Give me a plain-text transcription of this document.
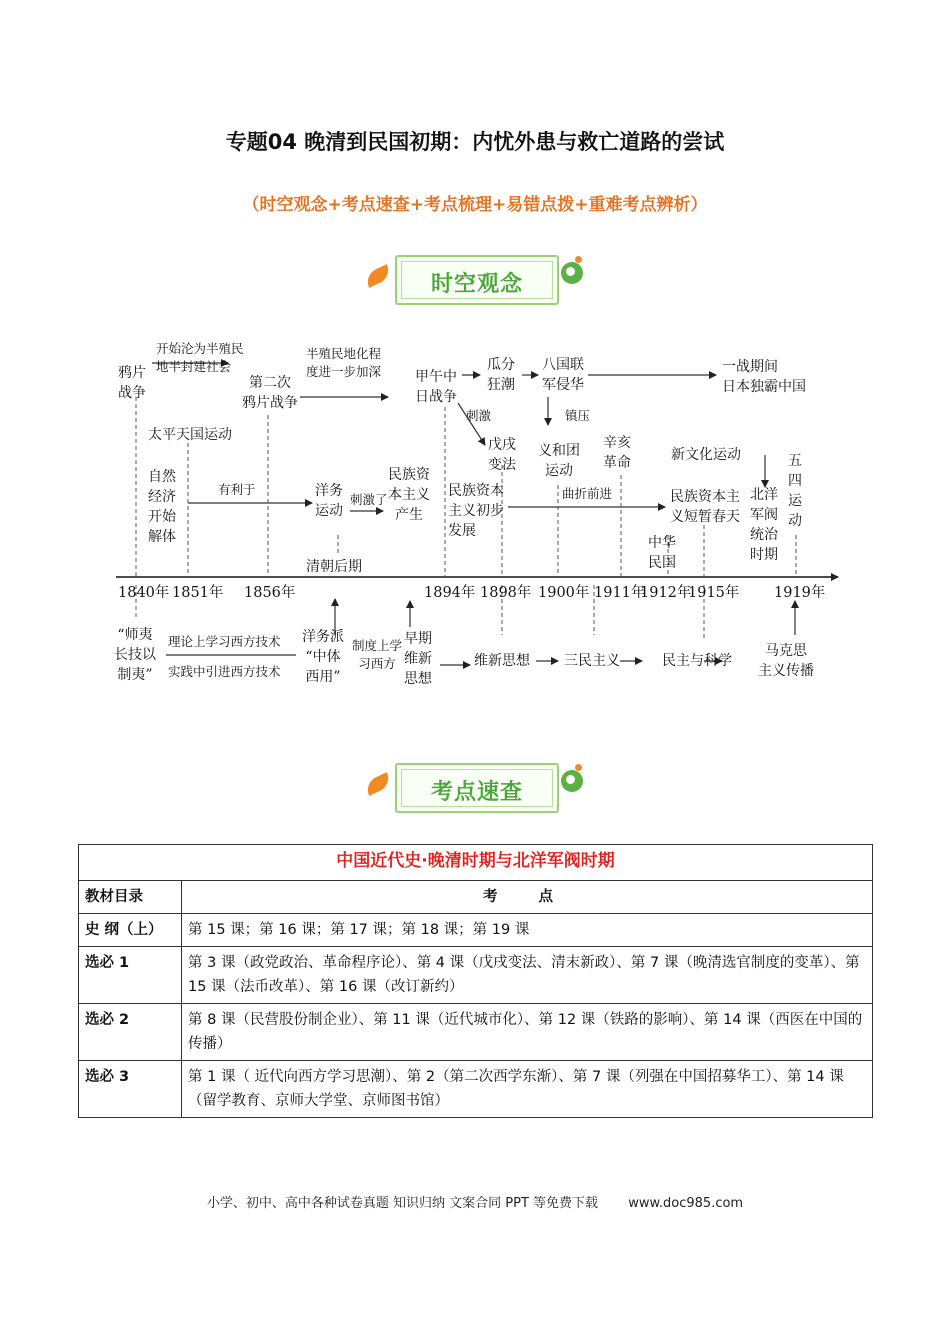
专题04 晚清到民国初期：内忧外患与救亡道路的尝试
（时空观念+考点速查+考点梳理+易错点拨+重难考点辨析）
时空观念
鸦片
战争
开始沦为半殖民
地半封建社会
第二次
鸦片战争
半殖民地化程
度进一步加深 甲午中
日战争
瓜分
狂潮
八国联
军侵华
一战期间
日本独霸中国
刺激	镇压
戊戌
变法
义和团
运动
辛亥
革命	新文化运动	五
四
运
动
太平天国运动
自然
经济
开始
解体
有利于	洋务
运动
刺激了
民族资
本主义
产生
民族资本
主义初步
发展
曲折前进	民族资本主
义短暂春天
北洋
军阀
统治
时期
清朝后期
中华
民国
1840年 1851年 1856年	1894年 1898年 1900年 1911年
1912年
1915年 1919年
“师夷
长技以
制夷”
理论上学习西方技术
实践中引进西方技术
洋务派
“中体
西用”
制度上学
习西方
早期
维新
思想
维新思想 三民主义	民主与科学
马克思
主义传播
考点速查
中国近代史·晚清时期与北洋军阀时期	
教材目录	考 点
史 纲（上）	第 15 课；第 16 课；第 17 课；第 18 课；第 19 课
选必 1	第 3 课（政党政治、革命程序论）、第 4 课（戊戌变法、清末新政）、第 7 课（晚清选官制度的变革）、第 15 课（法币改革）、第 16 课（改订新约）
选必 2	第 8 课（民营股份制企业）、第 11 课（近代城市化）、第 12 课（铁路的影响）、第 14 课（西医在中国的传播）
选必 3	第 1 课（ 近代向西方学习思潮）、第 2（第二次西学东渐）、第 7 课（列强在中国招募华工）、第 14 课（留学教育、京师大学堂、京师图书馆）
小学、初中、高中各种试卷真题 知识归纳 文案合同 PPT 等免费下载 www.doc985.com
